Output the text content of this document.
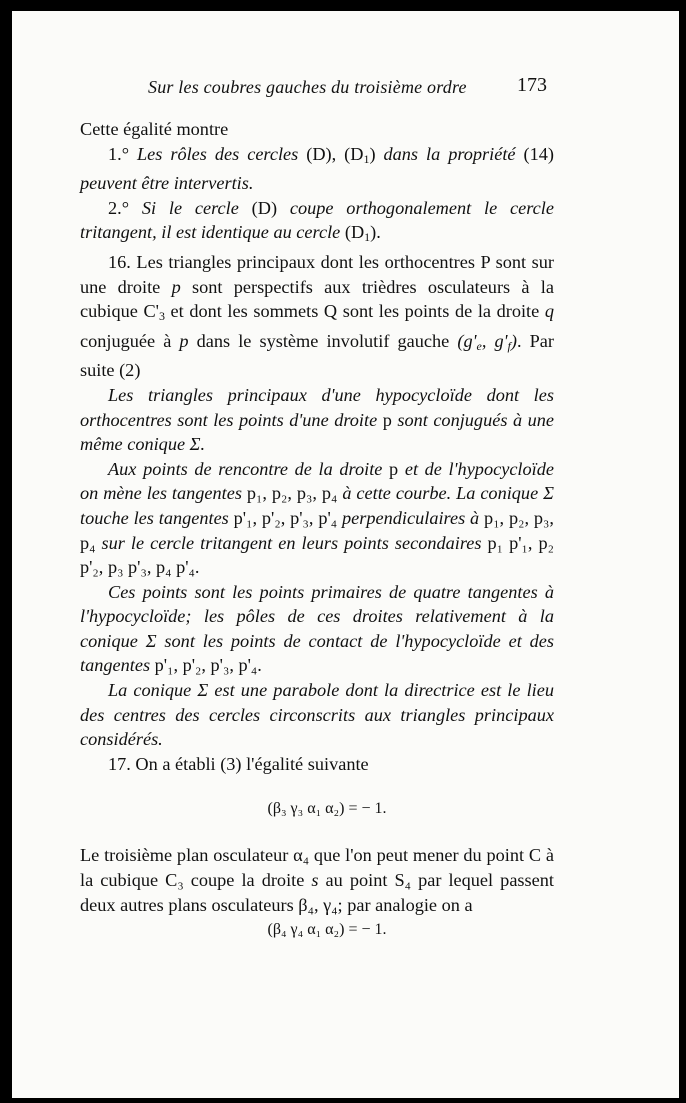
Sur les coubres gauches du troisième ordre	173

Cette égalité montre

1.° Les rôles des cercles (D), $(D_1)$ dans la propriété (14) peuvent être intervertis.

2.° Si le cercle (D) coupe orthogonalement le cercle tritangent, il est identique au cercle $(D_1)$.

16. Les triangles principaux dont les orthocentres P sont sur une droite p sont perspectifs aux trièdres osculateurs à la cubique $C'_3$ et dont les sommets Q sont les points de la droite q conjuguée à p dans le système involutif gauche ($g'_e$, $g'_f$). Par suite (2)

Les triangles principaux d'une hypocycloïde dont les orthocentres sont les points d'une droite p sont conjugués à une même conique Σ.

Aux points de rencontre de la droite p et de l'hypocycloïde on mène les tangentes p₁, p₂, p₃, p₄ à cette courbe. La conique Σ touche les tangentes p'₁, p'₂, p'₃, p'₄ perpendiculaires à p₁, p₂, p₃, p₄ sur le cercle tritangent en leurs points secondaires p₁ p'₁, p₂ p'₂, p₃ p'₃, p₄ p'₄.

Ces points sont les points primaires de quatre tangentes à l'hypocycloïde; les pôles de ces droites relativement à la conique Σ sont les points de contact de l'hypocycloïde et des tangentes p'₁, p'₂, p'₃, p'₄.

La conique Σ est une parabole dont la directrice est le lieu des centres des cercles circonscrits aux triangles principaux considérés.

17. On a établi (3) l'égalité suivante

(β₃ γ₃ α₁ α₂) = − 1.

Le troisième plan osculateur α₄ que l'on peut mener du point C à la cubique C₃ coupe la droite s au point S₄ par lequel passent deux autres plans osculateurs β₄, γ₄; par analogie on a

(β₄ γ₄ α₁ α₂) = − 1.
